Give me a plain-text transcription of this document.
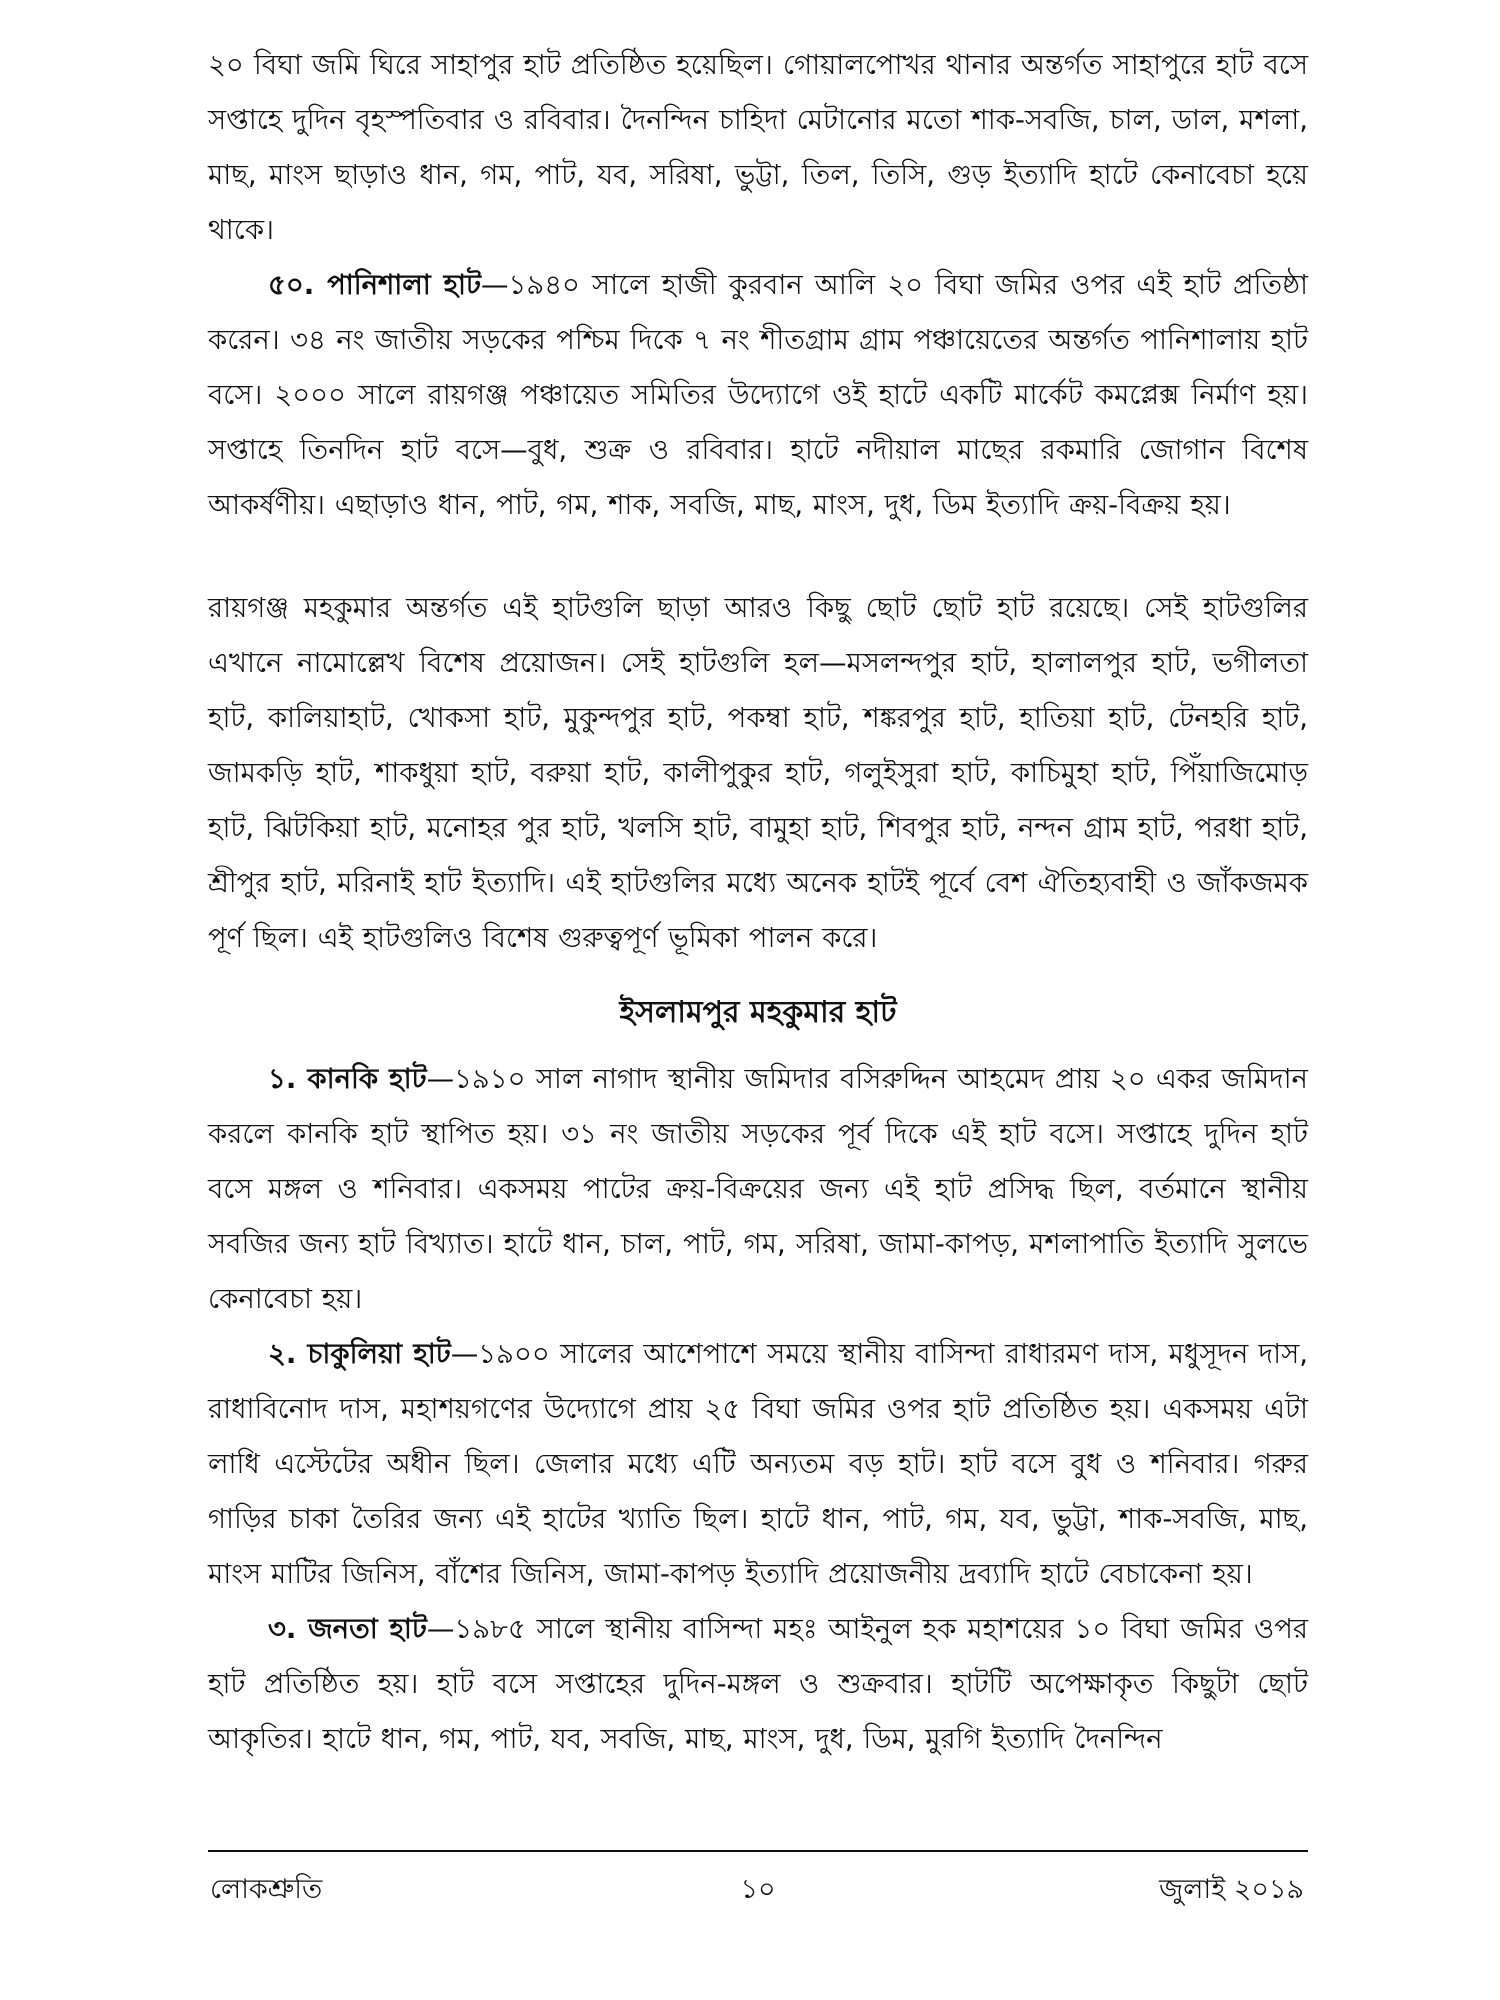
২০ বিঘা জমি ঘিরে সাহাপুর হাট প্রতিষ্ঠিত হয়েছিল। গোয়ালপোখর থানার অন্তর্গত সাহাপুরে হাট বসে সপ্তাহে দুদিন বৃহস্পতিবার ও রবিবার। দৈনন্দিন চাহিদা মেটানোর মতো শাক-সবজি, চাল, ডাল, মশলা, মাছ, মাংস ছাড়াও ধান, গম, পাট, যব, সরিষা, ভুট্টা, তিল, তিসি, গুড় ইত্যাদি হাটে কেনাবেচা হয়ে থাকে।

৫০. পানিশালা হাট—১৯৪০ সালে হাজী কুরবান আলি ২০ বিঘা জমির ওপর এই হাট প্রতিষ্ঠা করেন। ৩৪ নং জাতীয় সড়কের পশ্চিম দিকে ৭ নং শীতগ্রাম গ্রাম পঞ্চায়েতের অন্তর্গত পানিশালায় হাট বসে। ২০০০ সালে রায়গঞ্জ পঞ্চায়েত সমিতির উদ্যোগে ওই হাটে একটি মার্কেট কমপ্লেক্স নির্মাণ হয়। সপ্তাহে তিনদিন হাট বসে—বুধ, শুক্র ও রবিবার। হাটে নদীয়াল মাছের রকমারি জোগান বিশেষ আকর্ষণীয়। এছাড়াও ধান, পাট, গম, শাক, সবজি, মাছ, মাংস, দুধ, ডিম ইত্যাদি ক্রয়-বিক্রয় হয়।

রায়গঞ্জ মহকুমার অন্তর্গত এই হাটগুলি ছাড়া আরও কিছু ছোট ছোট হাট রয়েছে। সেই হাটগুলির এখানে নামোল্লেখ বিশেষ প্রয়োজন। সেই হাটগুলি হল—মসলন্দপুর হাট, হালালপুর হাট, ভগীলতা হাট, কালিয়াহাট, খোকসা হাট, মুকুন্দপুর হাট, পকম্বা হাট, শঙ্করপুর হাট, হাতিয়া হাট, টেনহরি হাট, জামকড়ি হাট, শাকধুয়া হাট, বরুয়া হাট, কালীপুকুর হাট, গলুইসুরা হাট, কাচিমুহা হাট, পিঁয়াজিমোড় হাট, ঝিটকিয়া হাট, মনোহর পুর হাট, খলসি হাট, বামুহা হাট, শিবপুর হাট, নন্দন গ্রাম হাট, পরধা হাট, শ্রীপুর হাট, মরিনাই হাট ইত্যাদি। এই হাটগুলির মধ্যে অনেক হাটই পূর্বে বেশ ঐতিহ্যবাহী ও জাঁকজমক পূর্ণ ছিল। এই হাটগুলিও বিশেষ গুরুত্বপূর্ণ ভূমিকা পালন করে।

ইসলামপুর মহকুমার হাট

১. কানকি হাট—১৯১০ সাল নাগাদ স্থানীয় জমিদার বসিরুদ্দিন আহমেদ প্রায় ২০ একর জমিদান করলে কানকি হাট স্থাপিত হয়। ৩১ নং জাতীয় সড়কের পূর্ব দিকে এই হাট বসে। সপ্তাহে দুদিন হাট বসে মঙ্গল ও শনিবার। একসময় পাটের ক্রয়-বিক্রয়ের জন্য এই হাট প্রসিদ্ধ ছিল, বর্তমানে স্থানীয় সবজির জন্য হাট বিখ্যাত। হাটে ধান, চাল, পাট, গম, সরিষা, জামা-কাপড়, মশলাপাতি ইত্যাদি সুলভে কেনাবেচা হয়।

২. চাকুলিয়া হাট—১৯০০ সালের আশেপাশে সময়ে স্থানীয় বাসিন্দা রাধারমণ দাস, মধুসূদন দাস, রাধাবিনোদ দাস, মহাশয়গণের উদ্যোগে প্রায় ২৫ বিঘা জমির ওপর হাট প্রতিষ্ঠিত হয়। একসময় এটা লাধি এস্টেটের অধীন ছিল। জেলার মধ্যে এটি অন্যতম বড় হাট। হাট বসে বুধ ও শনিবার। গরুর গাড়ির চাকা তৈরির জন্য এই হাটের খ্যাতি ছিল। হাটে ধান, পাট, গম, যব, ভুট্টা, শাক-সবজি, মাছ, মাংস মাটির জিনিস, বাঁশের জিনিস, জামা-কাপড় ইত্যাদি প্রয়োজনীয় দ্রব্যাদি হাটে বেচাকেনা হয়।

৩. জনতা হাট—১৯৮৫ সালে স্থানীয় বাসিন্দা মহঃ আইনুল হক মহাশয়ের ১০ বিঘা জমির ওপর হাট প্রতিষ্ঠিত হয়। হাট বসে সপ্তাহের দুদিন-মঙ্গল ও শুক্রবার। হাটটি অপেক্ষাকৃত কিছুটা ছোট আকৃতির। হাটে ধান, গম, পাট, যব, সবজি, মাছ, মাংস, দুধ, ডিম, মুরগি ইত্যাদি দৈনন্দিন

১০
লোকশ্রুতি	জুলাই ২০১৯
